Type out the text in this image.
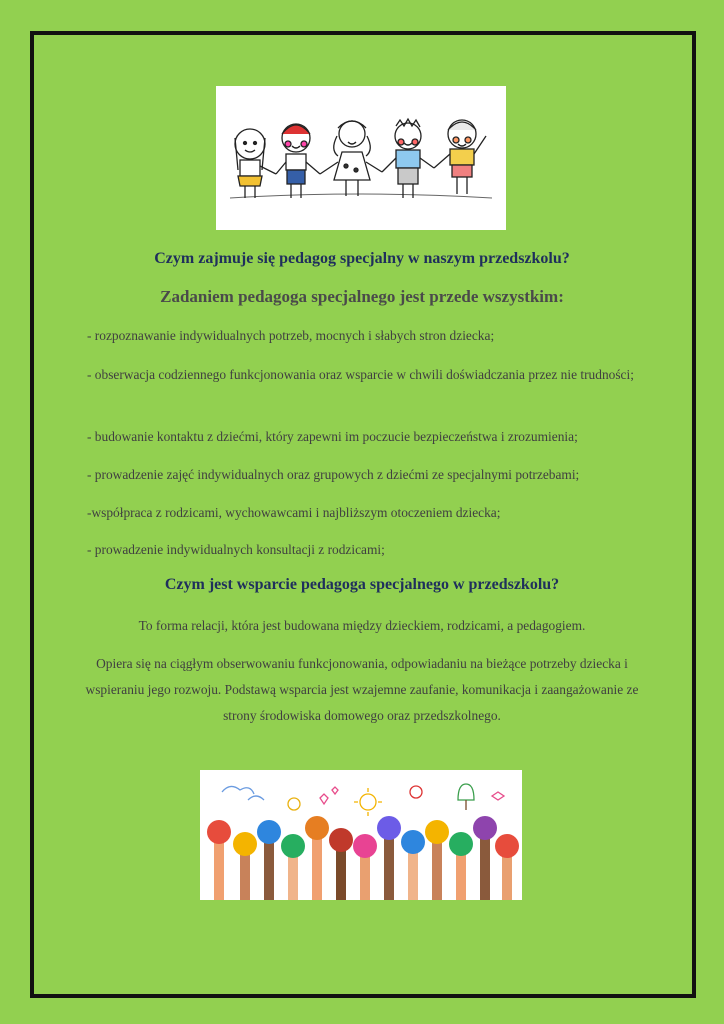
Czym zajmuje się pedagog specjalny w naszym przedszkolu?
Zadaniem pedagoga specjalnego jest przede wszystkim:

- rozpoznawanie indywidualnych potrzeb, mocnych i słabych stron dziecka;

- obserwacja codziennego funkcjonowania oraz wsparcie w chwili doświadczania przez nie trudności;

- budowanie kontaktu z dziećmi, który zapewni im poczucie bezpieczeństwa i zrozumienia;

- prowadzenie zajęć indywidualnych oraz grupowych z dziećmi ze specjalnymi potrzebami;

-współpraca z rodzicami, wychowawcami i najbliższym otoczeniem dziecka;

- prowadzenie indywidualnych konsultacji z rodzicami;

Czym jest wsparcie pedagoga specjalnego w przedszkolu?

To forma relacji, która jest budowana między dzieckiem, rodzicami, a pedagogiem.

Opiera się na ciągłym obserwowaniu funkcjonowania, odpowiadaniu na bieżące potrzeby dziecka i wspieraniu jego rozwoju. Podstawą wsparcia jest wzajemne zaufanie, komunikacja i zaangażowanie ze strony środowiska domowego oraz przedszkolnego.
